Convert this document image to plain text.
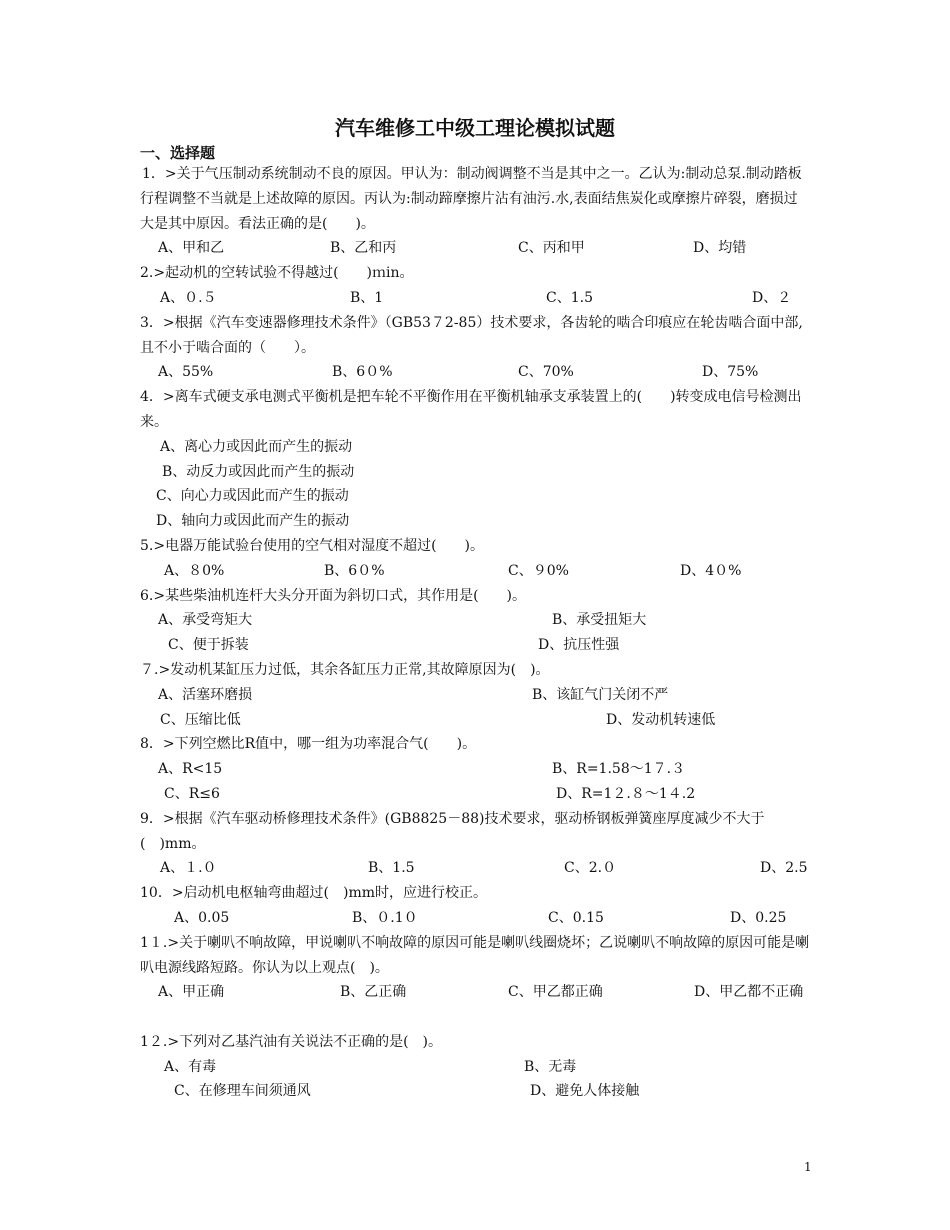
汽车维修工中级工理论模拟试题
一、选择题

1．>关于气压制动系统制动不良的原因。甲认为：制动阀调整不当是其中之一。乙认为:制动总泵.制动踏板行程调整不当就是上述故障的原因。丙认为:制动蹄摩擦片沾有油污.水,表面结焦炭化或摩擦片碎裂，磨损过大是其中原因。看法正确的是(　　)。

A、甲和乙	B、乙和丙	C、丙和甲	D、均错

2.>起动机的空转试验不得越过(　　)ｍin。

A、０.５	B、1	C、1.5	D、２

3．>根据《汽车变速器修理技术条件》（GB53７2-85）技术要求，各齿轮的啮合印痕应在轮齿啮合面中部,且不小于啮合面的（　　）。

A、55%	B、6０%	C、70%	D、75%

4．>离车式硬支承电测式平衡机是把车轮不平衡作用在平衡机轴承支承装置上的(　　)转变成电信号检测出来。

A、离心力或因此而产生的振动
B、动反力或因此而产生的振动
C、向心力或因此而产生的振动
D、轴向力或因此而产生的振动

5.>电器万能试验台使用的空气相对湿度不超过(　　)。

A、８0%	B、6０%	C、９0%	D、4０%

6.>某些柴油机连杆大头分开面为斜切口式，其作用是(　　)。

A、承受弯矩大	B、承受扭矩大
C、便于拆装	D、抗压性强

７.>发动机某缸压力过低，其余各缸压力正常,其故障原因为(　)。

A、活塞环磨损	B、该缸气门关闭不严
C、压缩比低	D、发动机转速低

8．>下列空燃比R值中，哪一组为功率混合气(　　)。

A、R<15	B、R=1.58～1７.３
C、R≤6	D、R=1２.８～1４.2

9．>根据《汽车驱动桥修理技术条件》(GB8825－88)技术要求，驱动桥钢板弹簧座厚度减少不大于(　)mm。

A、１.０	B、1.5	C、2.０	D、2.5

10．>启动机电枢轴弯曲超过(　)mm时，应进行校正。

A、0.05	B、０.1０	C、0.15	D、0.25

1１.>关于喇叭不响故障，甲说喇叭不响故障的原因可能是喇叭线圈烧坏；乙说喇叭不响故障的原因可能是喇叭电源线路短路。你认为以上观点(　)。

A、甲正确	B、乙正确	C、甲乙都正确	D、甲乙都不正确

1２.>下列对乙基汽油有关说法不正确的是(　)。

A、有毒	B、无毒
C、在修理车间须通风	D、避免人体接触
1
